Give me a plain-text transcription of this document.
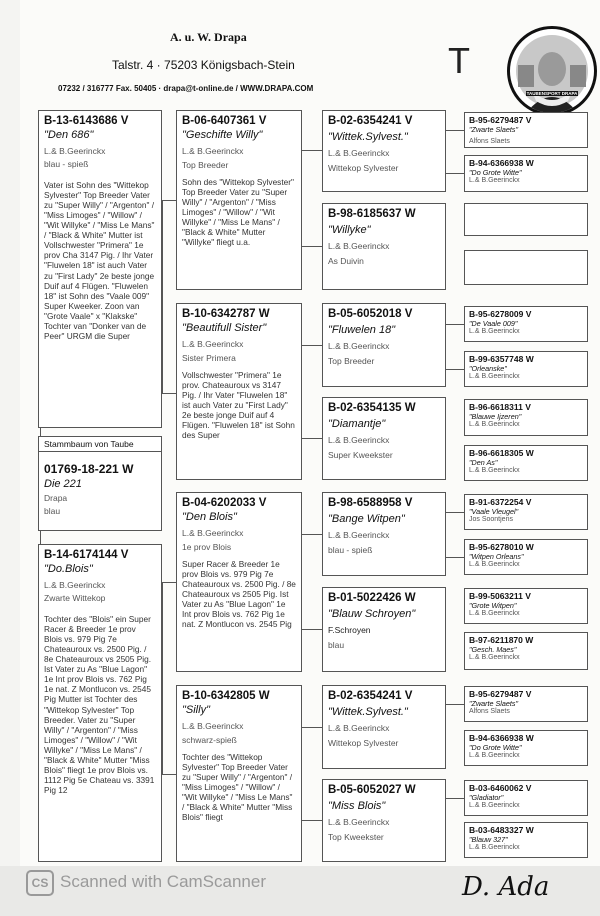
A. u. W. Drapa
Talstr. 4 · 75203 Königsbach-Stein
07232 / 316777 Fax. 50405 · drapa@t-online.de / WWW.DRAPA.COM
T
TAUBENSPORT DRAPA
B-13-6143686 V
"Den 686"
L.& B.Geerinckx
blau - spieß
Vater ist Sohn des "Wittekop Sylvester" Top Breeder Vater zu "Super Willy" / "Argenton" / "Miss Limoges" / "Willow" / "Wit Willyke" / "Miss Le Mans" / "Black & White" Mutter ist Vollschwester "Primera" 1e prov Cha 3147 Pig. / Ihr Vater "Fluwelen 18" ist auch Vater zu "First Lady" 2e beste jonge Duif auf 4 Flügen. "Fluwelen 18" ist Sohn des "Vaale 009" Super Kweeker. Zoon van "Grote Vaale" x "Klakske" Tochter van "Donker van de Peer" URGM die Super
Stammbaum von Taube
01769-18-221 W
Die 221
Drapa
blau
B-14-6174144 V
"Do.Blois"
L.& B.Geerinckx
Zwarte Wittekop
Tochter des "Blois" ein Super Racer & Breeder 1e prov Blois vs. 979 Pig 7e Chateauroux vs. 2500 Pig. / 8e Chateauroux vs 2505 Pig. Ist Vater zu As "Blue Lagon" 1e Int prov Blois vs. 762 Pig 1e nat. Z Montlucon vs. 2545 Pig Mutter ist Tochter des "Wittekop Sylvester" Top Breeder. Vater zu "Super Willy" / "Argenton" / "Miss Limoges" / "Willow" / "Wit Willyke" / "Miss Le Mans" / "Black & White" Mutter "Miss Blois" fliegt 1e prov Blois vs. 1112 Pig 5e Chateau vs. 3391 Pig 12
B-06-6407361 V
"Geschifte Willy"
L.& B.Geerinckx
Top Breeder
Sohn des "Wittekop Sylvester" Top Breeder Vater zu "Super Willy" / "Argenton" / "Miss Limoges" / "Willow" / "Wit Willyke" / "Miss Le Mans" / "Black & White" Mutter "Willyke" fliegt u.a.
B-10-6342787 W
"Beautifull Sister"
L.& B.Geerinckx
Sister Primera
Vollschwester "Primera" 1e prov. Chateauroux vs 3147 Pig. / Ihr Vater "Fluwelen 18" ist auch Vater zu "First Lady" 2e beste jonge Duif auf 4 Flügen. "Fluwelen 18" ist Sohn des Super
B-04-6202033 V
"Den Blois"
L.& B.Geerinckx
1e prov Blois
Super Racer & Breeder 1e prov Blois vs. 979 Pig 7e Chateauroux vs. 2500 Pig. / 8e Chateauroux vs 2505 Pig. Ist Vater zu As "Blue Lagon" 1e Int prov Blois vs. 762 Pig 1e nat. Z Montlucon vs. 2545 Pig
B-10-6342805 W
"Silly"
L.& B.Geerinckx
schwarz-spieß
Tochter des "Wittekop Sylvester" Top Breeder Vater zu "Super Willy" / "Argenton" / "Miss Limoges" / "Willow" / "Wit Willyke" / "Miss Le Mans" / "Black & White" Mutter "Miss Blois" fliegt
B-02-6354241 V
"Wittek.Sylvest."
L.& B.Geerinckx
Wittekop Sylvester
B-98-6185637 W
"Willyke"
L.& B.Geerinckx
As Duivin
B-05-6052018 V
"Fluwelen 18"
L.& B.Geerinckx
Top Breeder
B-02-6354135 W
"Diamantje"
L.& B.Geerinckx
Super Kweekster
B-98-6588958 V
"Bange Witpen"
L.& B.Geerinckx
blau - spieß
B-01-5022426 W
"Blauw Schroyen"
F.Schroyen
blau
B-02-6354241 V
"Wittek.Sylvest."
L.& B.Geerinckx
Wittekop Sylvester
B-05-6052027 W
"Miss Blois"
L.& B.Geerinckx
Top Kweekster
B-95-6279487 V
"Zwarte Slaets"
Alfons Slaets
B-94-6366938 W
"Do Grote Witte"
L.& B.Geerinckx
B-95-6278009 V
"De Vaale 009"
L.& B.Geerinckx
B-99-6357748 W
"Orleanske"
L.& B.Geerinckx
B-96-6618311 V
"Blauwe Ijzeren"
L.& B.Geerinckx
B-96-6618305 W
"Den As"
L.& B.Geerinckx
B-91-6372254 V
"Vaale Vleugel"
Jos Soontjens
B-95-6278010 W
"Witpen Orleans"
L.& B.Geerinckx
B-99-5063211 V
"Grote Witpen"
L.& B.Geerinckx
B-97-6211870 W
"Gesch. Maes"
L.& B.Geerinckx
B-95-6279487 V
"Zwarte Slaets"
Alfons Slaets
B-94-6366938 W
"Do Grote Witte"
L.& B.Geerinckx
B-03-6460062 V
"Gladiator"
L.& B.Geerinckx
B-03-6483327 W
"Blauw 327"
L.& B.Geerinckx
CS Scanned with CamScanner	D. Ada
